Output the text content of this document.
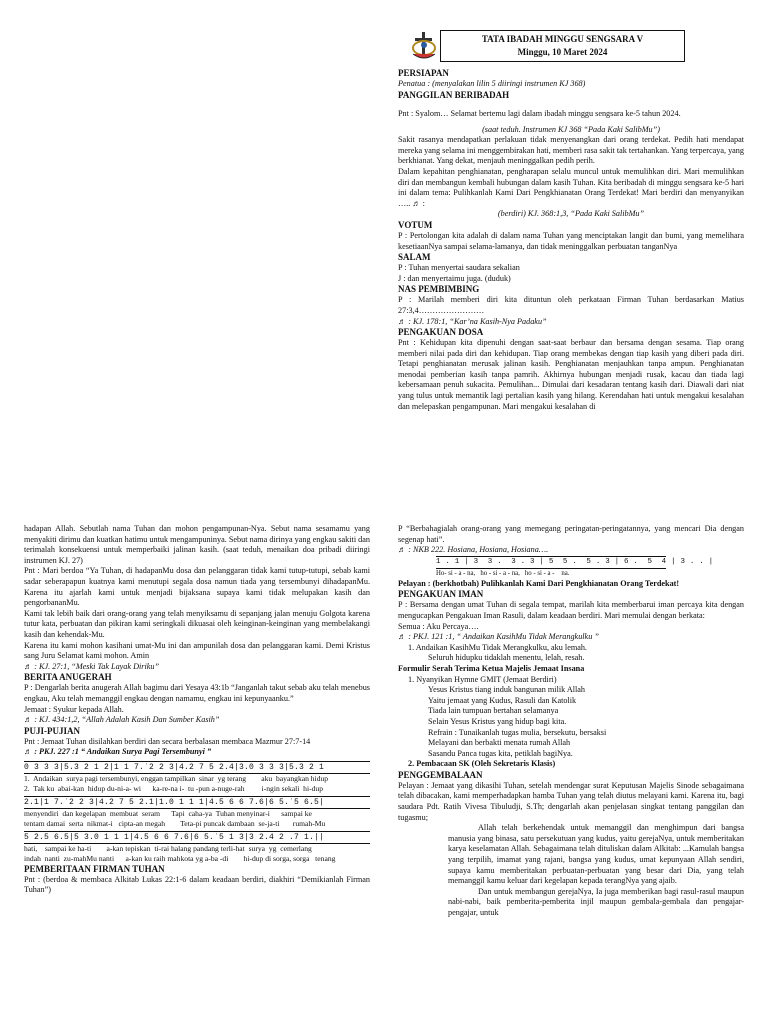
TATA IBADAH MINGGU SENGSARA V
Minggu, 10 Maret 2024

PERSIAPAN

Penatua : (menyalakan lilin 5 diiringi instrumen KJ 368)

PANGGILAN BERIBADAH

Pnt : Syalom… Selamat bertemu lagi dalam ibadah minggu sengsara ke-5 tahun 2024.

(saat teduh. Instrumen KJ 368 “Pada Kaki SalibMu”)

Sakit rasanya mendapatkan perlakuan tidak menyenangkan dari orang terdekat. Pedih hati mendapat mereka yang selama ini menggembirakan hati, memberi rasa sakit tak tertahankan. Yang terpercaya, yang berkhianat. Yang dekat, menjauh meninggalkan pedih perih.

Dalam kepahitan penghianatan, pengharapan selalu muncul untuk memulihkan diri. Mari memulihkan diri dan membangun kembali hubungan dalam kasih Tuhan. Kita beribadah di minggu sengsara ke-5 hari ini dalam tema: Pulihkanlah Kami Dari Pengkhianatan Orang Terdekat! Mari berdiri dan menyanyikan ….. ♬ :

(berdiri) KJ. 368:1,3, “Pada Kaki SalibMu”

VOTUM

P : Pertolongan kita adalah di dalam nama Tuhan yang menciptakan langit dan bumi, yang memelihara kesetiaanNya sampai selama-lamanya, dan tidak meninggalkan perbuatan tanganNya

SALAM

P : Tuhan menyertai saudara sekalian

J : dan menyertaimu juga. (duduk)

NAS PEMBIMBING

P : Marilah memberi diri kita dituntun oleh perkataan Firman Tuhan berdasarkan Matius 27:3,4……………………

♬ : KJ. 178:1, “Kar’na Kasih-Nya Padaku”

PENGAKUAN DOSA

Pnt : Kehidupan kita dipenuhi dengan saat-saat berbaur dan bersama dengan sesama. Tiap orang memberi nilai pada diri dan kehidupan. Tiap orang membekas dengan tiap kasih yang diberi pada diri. Tetapi penghianatan merusak jalinan kasih. Penghianatan menjauhkan tanpa ampun. Penghianatan menodai pemberian kasih tanpa pamrih. Akhirnya hubungan menjadi rusak, kacau dan tiada lagi kebersamaan penuh sukacita. Pemulihan... Dimulai dari kesadaran tentang kasih dari. Diawali dari niat yang tulus untuk memantik lagi pertalian kasih yang hilang. Kerendahan hati untuk mengakui kesalahan dan melepaskan pengampunan. Mari mengakui kesalahan di

hadapan Allah. Sebutlah nama Tuhan dan mohon pengampunan-Nya. Sebut nama sesamamu yang menyakiti dirimu dan kuatkan hatimu untuk mengampuninya. Sebut nama dirinya yang engkau sakiti dan terimalah konsekuensi untuk memperbaiki jalinan kasih. (saat teduh, menaikan doa pribadi diiringi instrumen KJ. 27)

Pnt : Mari berdoa “Ya Tuhan, di hadapanMu dosa dan pelanggaran tidak kami tutup-tutupi, sebab kami sadar seberapapun kuatnya kami menutupi segala dosa namun tiada yang tersembunyi dihadapanMu. Karena itu ajarlah kami untuk menjadi bijaksana supaya kami tidak melupakan kasih dan pengorbananMu.

Kami tak lebih baik dari orang-orang yang telah menyiksamu di sepanjang jalan menuju Golgota karena tutur kata, perbuatan dan pikiran kami seringkali dikuasai oleh keinginan-keinginan yang membelakangi kasih dan kehendak-Mu.

Karena itu kami mohon kasihani umat-Mu ini dan ampunilah dosa dan pelanggaran kami. Demi Kristus sang Juru Selamat kami mohon. Amin

♬ : KJ. 27:1, “Meski Tak Layak Diriku”

BERITA ANUGERAH

P : Dengarlah berita anugerah Allah bagimu dari Yesaya 43:1b “Janganlah takut sebab aku telah menebus engkau, Aku telah memanggil engkau dengan namamu, engkau ini kepunyaanku.”

Jemaat : Syukur kepada Allah.

♬ : KJ. 434:1,2, “Allah Adalah Kasih Dan Sumber Kasih”

PUJI-PUJIAN

Pnt : Jemaat Tuhan disilahkan berdiri dan secara berbalasan membaca Mazmur 27:7-14

♬ : PKJ. 227 :1 “ Andaikan Surya Pagi Tersembunyi ”

0 3 3 3|5.3 2 1 2|1 1 7.ˈ2 2 3|4.2 7 5 2.4|3.0 3 3 3|5.3 2 1
1.  Andaikan  surya pagi tersembunyi, enggan tampilkan  sinar  yg terang        aku  bayangkan hidup
2.  Tak ku  abai-kan  hidup du-ni-a- wi      ka-re-na i-  tu -pun a-nuge-rah         i-ngin sekali  hi-dup
2.1|1 7.ˈ2 2 3|4.2 7 5 2.1|1.0 1 1 1|4.5 6 6 7.6|6 5.ˈ5 6.5|
menyendiri  dan kegelapan  membuat  seram      Tapi  caha-ya  Tuhan menyinar-i      sampai ke
tentam damai  serta  nikmat-i   cipta-an megah        Teta-pi puncak dambaan  se-ja-ti       rumah-Mu
5 2.5 6.5|5 3.0 1 1 1|4.5 6 6 7.6|6 5.ˈ5 1 3|3 2.4 2 .7 1.||
hati,    sampai ke ha-ti        a-kan tepiskan  ti-rai halang pandang terli-hat  surya  yg  cemerlang
indah  nanti  zu-mahMu nanti      a-kan ku raih mahkota yg a-ba -di        hi-dup di sorga, sorga   tenang

PEMBERITAAN FIRMAN TUHAN

Pnt : (berdoa & membaca Alkitab Lukas 22:1-6 dalam keadaan berdiri, diakhiri “Demikianlah Firman Tuhan”)

P “Berbahagialah orang-orang yang memegang peringatan-peringatannya, yang mencari Dia dengan segenap hati”.

♬ : NKB 222. Hosiana, Hosiana, Hosiana….

1 . 1 | 3  3 .  3 . 3 | 5  5 .  5 . 3 | 6 .  5  4 | 3 . . |
Ho- si - a - na,   ho - si - a - na,   ho - si - a -    na.

Pelayan : (berkhotbah) Pulihkanlah Kami Dari Pengkhianatan Orang Terdekat!

PENGAKUAN IMAN

P : Bersama dengan umat Tuhan di segala tempat, marilah kita memberbarui iman percaya kita dengan mengucapkan Pengakuan Iman Rasuli, dalam keadaan berdiri. Mari memulai dengan berkata:

Semua : Aku Percaya….

♬ : PKJ. 121 :1, “ Andaikan KasihMu Tidak Merangkulku ”

1. Andaikan KasihMu Tidak Merangkulku, aku lemah.

Seluruh hidupku tidaklah menentu, lelah, resah.

Formulir Serah Terima Ketua Majelis Jemaat Insana

1. Nyanyikan Hymne GMIT (Jemaat Berdiri)

Yesus Kristus tiang induk bangunan milik Allah

Yaitu jemaat yang Kudus, Rasuli dan Katolik

Tiada lain tumpuan bertahan selamanya

Selain Yesus Kristus yang hidup bagi kita.

Refrain : Tunaikanlah tugas mulia, bersekutu, bersaksi

Melayani dan berbakti menata rumah Allah

Sasandu Panca tugas kita, petiklah bagiNya.

2. Pembacaan SK (Oleh Sekretaris Klasis)

PENGGEMBALAAN

Pelayan : Jemaat yang dikasihi Tuhan, setelah mendengar surat Keputusan Majelis Sinode sebagaimana telah dibacakan, kami memperhadapkan hamba Tuhan yang telah diutus melayani kami. Karena itu, bagi saudara Pdt. Ratih Vivesa Tibuludji, S.Th; dengarlah akan penjelasan singkat tentang panggilan dan tugasmu;

Allah telah berkehendak untuk memanggil dan menghimpun dari bangsa manusia yang binasa, satu persekutuan yang kudus, yaitu gerejaNya, untuk memberitakan karya keselamatan Allah. Sebagaimana telah dituliskan dalam Alkitab: ...Kamulah bangsa yang terpilih, imamat yang rajani, bangsa yang kudus, umat kepunyaan Allah sendiri, supaya kamu memberitakan perbuatan-perbuatan yang besar dari Dia, yang telah memanggil kamu keluar dari kegelapan kepada terangNya yang ajaib.

Dan untuk membangun gerejaNya, Ia juga memberikan bagi rasul-rasul maupun nabi-nabi, baik pemberita-pemberita injil maupun gembala-gembala dan pengajar-pengajar, untuk
